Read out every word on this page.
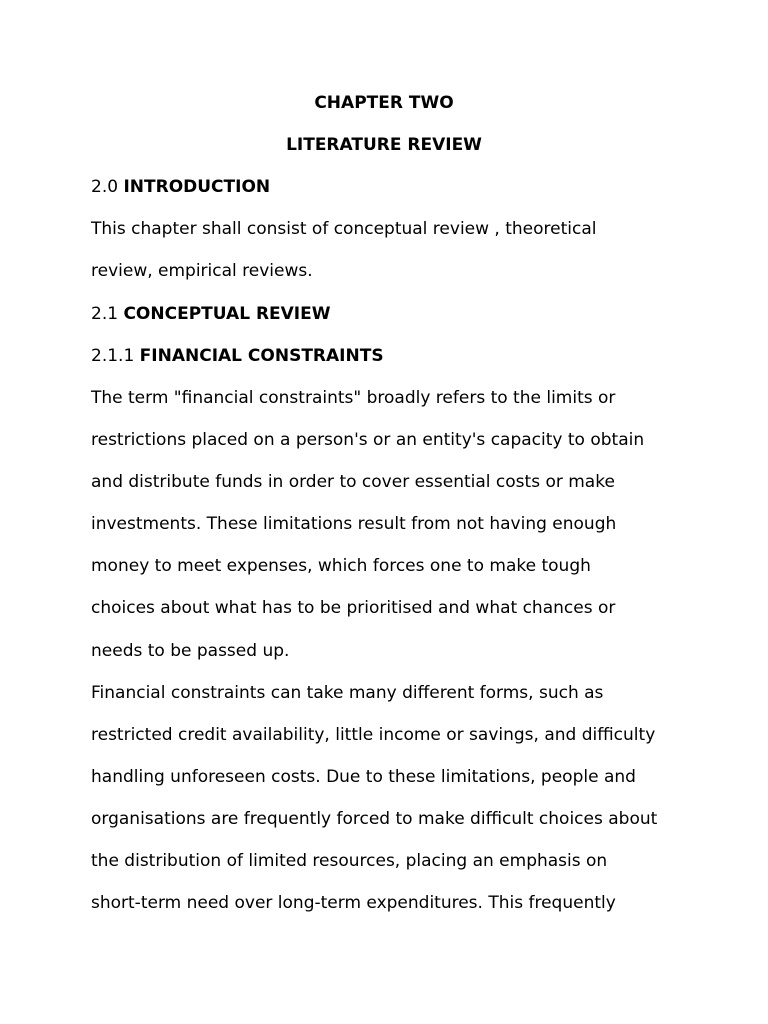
CHAPTER TWO
LITERATURE REVIEW
2.0 INTRODUCTION
This chapter shall consist of conceptual review , theoretical
review, empirical reviews.
2.1 CONCEPTUAL REVIEW
2.1.1 FINANCIAL CONSTRAINTS
The term "financial constraints" broadly refers to the limits or
restrictions placed on a person's or an entity's capacity to obtain
and distribute funds in order to cover essential costs or make
investments. These limitations result from not having enough
money to meet expenses, which forces one to make tough
choices about what has to be prioritised and what chances or
needs to be passed up.
Financial constraints can take many different forms, such as
restricted credit availability, little income or savings, and difficulty
handling unforeseen costs. Due to these limitations, people and
organisations are frequently forced to make difficult choices about
the distribution of limited resources, placing an emphasis on
short-term need over long-term expenditures. This frequently
